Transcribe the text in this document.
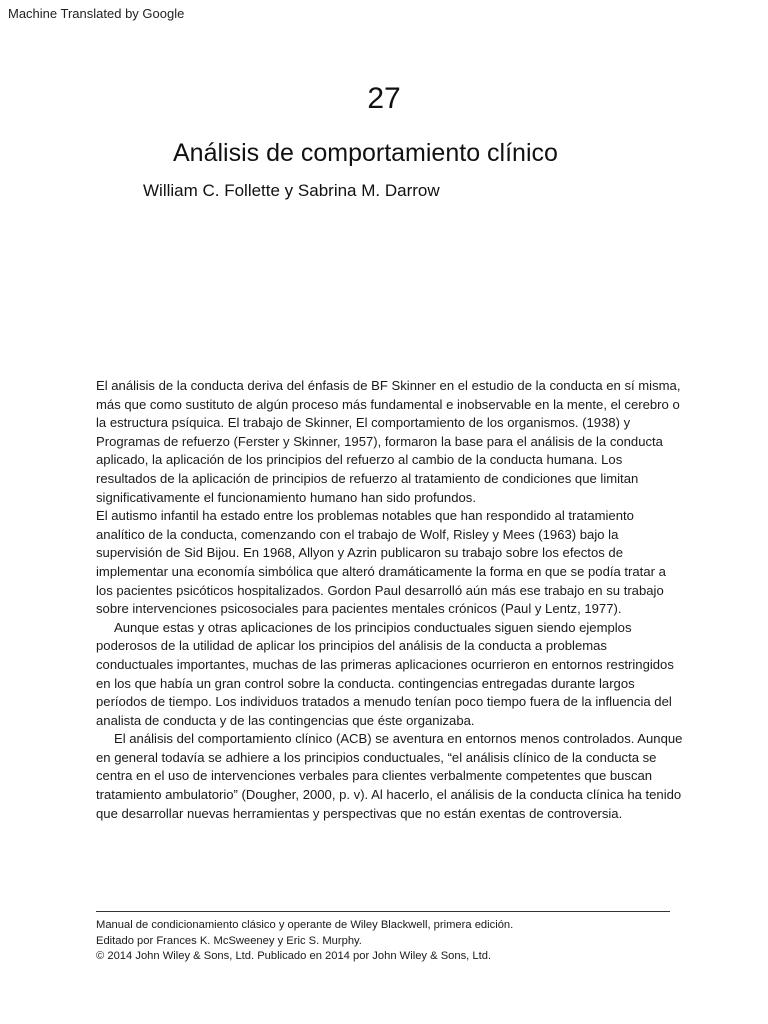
Machine Translated by Google
27
Análisis de comportamiento clínico
William C. Follette y Sabrina M. Darrow

El análisis de la conducta deriva del énfasis de BF Skinner en el estudio de la conducta en sí misma, más que como sustituto de algún proceso más fundamental e inobservable en la mente, el cerebro o la estructura psíquica. El trabajo de Skinner, El comportamiento de los organismos. (1938) y Programas de refuerzo (Ferster y Skinner, 1957), formaron la base para el análisis de la conducta aplicado, la aplicación de los principios del refuerzo al cambio de la conducta humana. Los resultados de la aplicación de principios de refuerzo al tratamiento de condiciones que limitan significativamente el funcionamiento humano han sido profundos.

El autismo infantil ha estado entre los problemas notables que han respondido al tratamiento analítico de la conducta, comenzando con el trabajo de Wolf, Risley y Mees (1963) bajo la supervisión de Sid Bijou. En 1968, Allyon y Azrin publicaron su trabajo sobre los efectos de implementar una economía simbólica que alteró dramáticamente la forma en que se podía tratar a los pacientes psicóticos hospitalizados. Gordon Paul desarrolló aún más ese trabajo en su trabajo sobre intervenciones psicosociales para pacientes mentales crónicos (Paul y Lentz, 1977).

Aunque estas y otras aplicaciones de los principios conductuales siguen siendo ejemplos poderosos de la utilidad de aplicar los principios del análisis de la conducta a problemas conductuales importantes, muchas de las primeras aplicaciones ocurrieron en entornos restringidos en los que había un gran control sobre la conducta. contingencias entregadas durante largos períodos de tiempo. Los individuos tratados a menudo tenían poco tiempo fuera de la influencia del analista de conducta y de las contingencias que éste organizaba.

El análisis del comportamiento clínico (ACB) se aventura en entornos menos controlados. Aunque en general todavía se adhiere a los principios conductuales, “el análisis clínico de la conducta se centra en el uso de intervenciones verbales para clientes verbalmente competentes que buscan tratamiento ambulatorio” (Dougher, 2000, p. v). Al hacerlo, el análisis de la conducta clínica ha tenido que desarrollar nuevas herramientas y perspectivas que no están exentas de controversia.

Manual de condicionamiento clásico y operante de Wiley Blackwell, primera edición.
Editado por Frances K. McSweeney y Eric S. Murphy.
© 2014 John Wiley & Sons, Ltd. Publicado en 2014 por John Wiley & Sons, Ltd.
